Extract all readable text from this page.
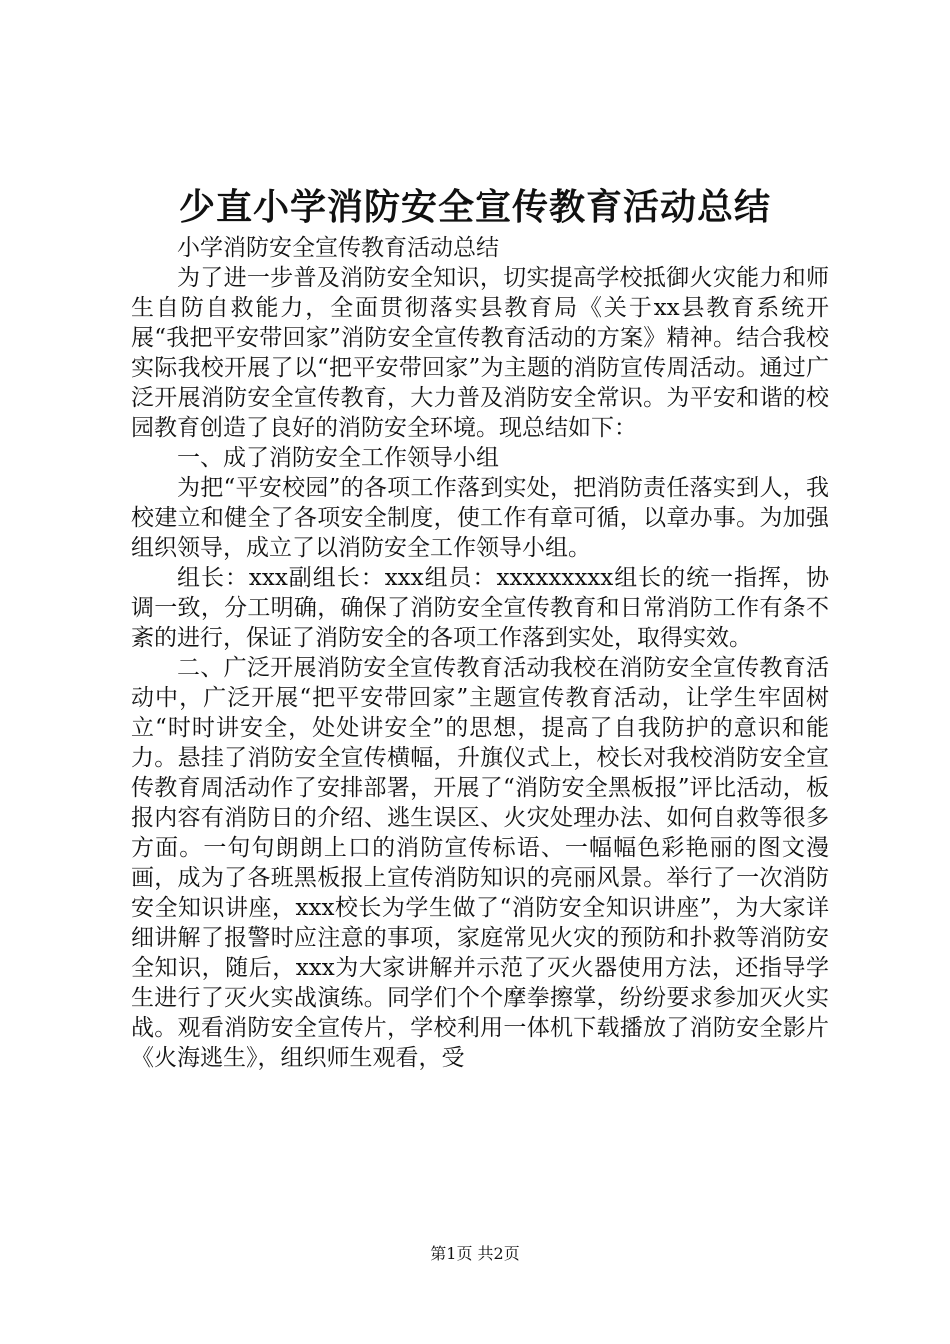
少直小学消防安全宣传教育活动总结

小学消防安全宣传教育活动总结

为了进一步普及消防安全知识，切实提高学校抵御火灾能力和师生自防自救能力，全面贯彻落实县教育局《关于xx县教育系统开展“我把平安带回家”消防安全宣传教育活动的方案》精神。结合我校实际我校开展了以“把平安带回家”为主题的消防宣传周活动。通过广泛开展消防安全宣传教育，大力普及消防安全常识。为平安和谐的校园教育创造了良好的消防安全环境。现总结如下：

一、成了消防安全工作领导小组

为把“平安校园”的各项工作落到实处，把消防责任落实到人，我校建立和健全了各项安全制度，使工作有章可循，以章办事。为加强组织领导，成立了以消防安全工作领导小组。

组长：xxx副组长：xxx组员：xxxxxxxxx组长的统一指挥，协调一致，分工明确，确保了消防安全宣传教育和日常消防工作有条不紊的进行，保证了消防安全的各项工作落到实处，取得实效。

二、广泛开展消防安全宣传教育活动我校在消防安全宣传教育活动中，广泛开展“把平安带回家”主题宣传教育活动，让学生牢固树立“时时讲安全，处处讲安全”的思想，提高了自我防护的意识和能力。悬挂了消防安全宣传横幅，升旗仪式上，校长对我校消防安全宣传教育周活动作了安排部署，开展了“消防安全黑板报”评比活动，板报内容有消防日的介绍、逃生误区、火灾处理办法、如何自救等很多方面。一句句朗朗上口的消防宣传标语、一幅幅色彩艳丽的图文漫画，成为了各班黑板报上宣传消防知识的亮丽风景。举行了一次消防安全知识讲座，xxx校长为学生做了“消防安全知识讲座”，为大家详细讲解了报警时应注意的事项，家庭常见火灾的预防和扑救等消防安全知识，随后，xxx为大家讲解并示范了灭火器使用方法，还指导学生进行了灭火实战演练。同学们个个摩拳擦掌，纷纷要求参加灭火实战。观看消防安全宣传片，学校利用一体机下载播放了消防安全影片《火海逃生》，组织师生观看，受

第1页 共2页
